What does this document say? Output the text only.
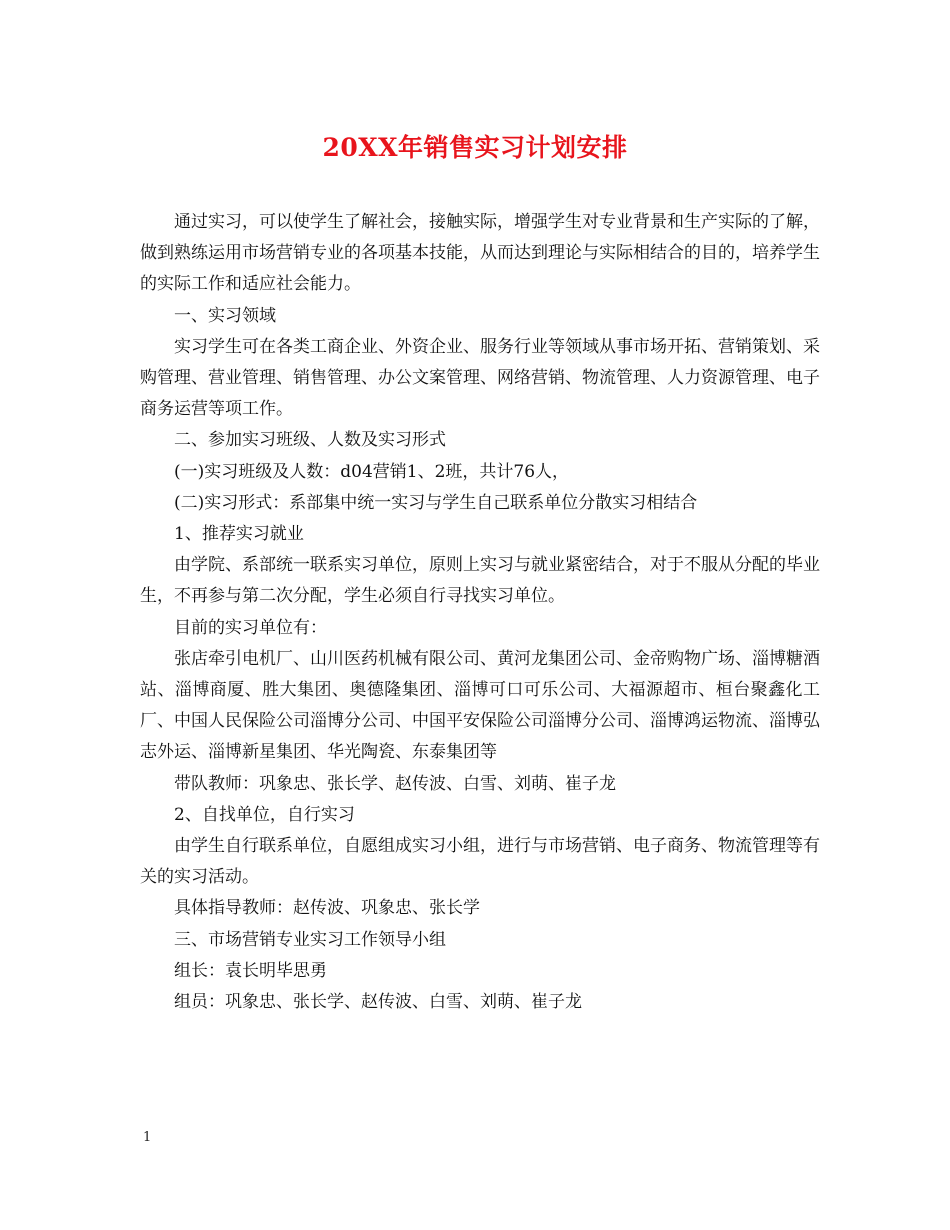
20XX年销售实习计划安排

通过实习，可以使学生了解社会，接触实际，增强学生对专业背景和生产实际的了解，做到熟练运用市场营销专业的各项基本技能，从而达到理论与实际相结合的目的，培养学生的实际工作和适应社会能力。

一、实习领域

实习学生可在各类工商企业、外资企业、服务行业等领域从事市场开拓、营销策划、采购管理、营业管理、销售管理、办公文案管理、网络营销、物流管理、人力资源管理、电子商务运营等项工作。

二、参加实习班级、人数及实习形式

(一)实习班级及人数：d04营销1、2班，共计76人，

(二)实习形式：系部集中统一实习与学生自己联系单位分散实习相结合

1、推荐实习就业

由学院、系部统一联系实习单位，原则上实习与就业紧密结合，对于不服从分配的毕业生，不再参与第二次分配，学生必须自行寻找实习单位。

目前的实习单位有：

张店牵引电机厂、山川医药机械有限公司、黄河龙集团公司、金帝购物广场、淄博糖酒站、淄博商厦、胜大集团、奥德隆集团、淄博可口可乐公司、大福源超市、桓台聚鑫化工厂、中国人民保险公司淄博分公司、中国平安保险公司淄博分公司、淄博鸿运物流、淄博弘志外运、淄博新星集团、华光陶瓷、东泰集团等

带队教师：巩象忠、张长学、赵传波、白雪、刘萌、崔子龙

2、自找单位，自行实习

由学生自行联系单位，自愿组成实习小组，进行与市场营销、电子商务、物流管理等有关的实习活动。

具体指导教师：赵传波、巩象忠、张长学

三、市场营销专业实习工作领导小组

组长：袁长明毕思勇

组员：巩象忠、张长学、赵传波、白雪、刘萌、崔子龙

1
